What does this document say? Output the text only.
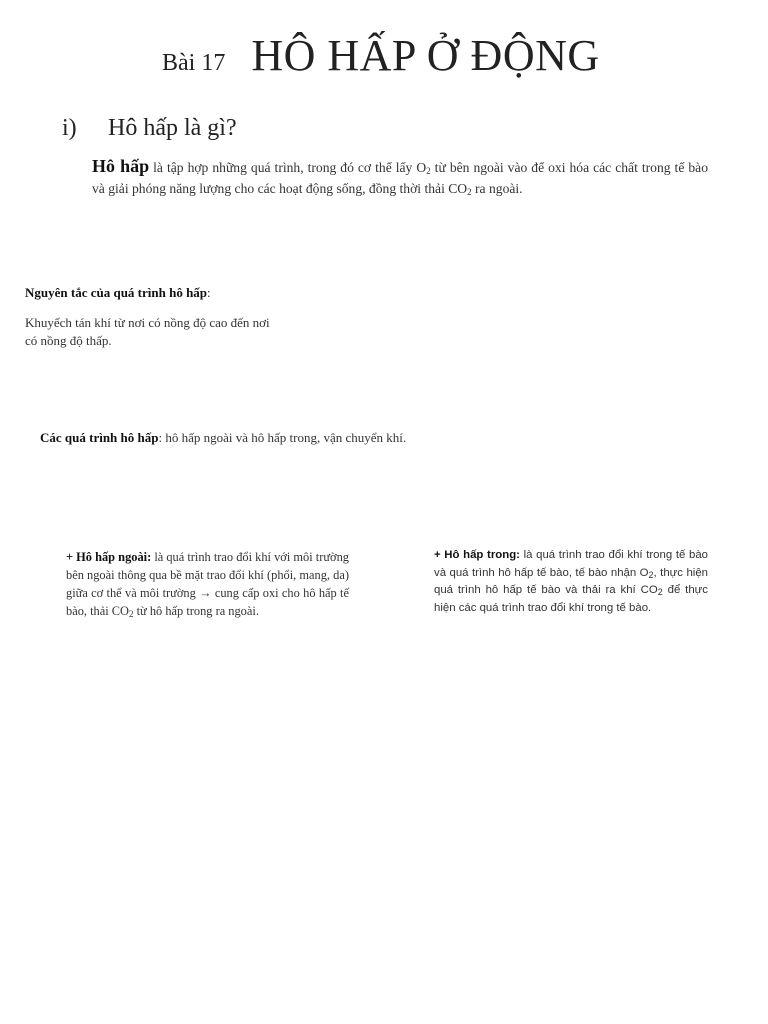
Bài 17 HÔ HẤP Ở ĐỘNG
i) Hô hấp là gì?
Hô hấp là tập hợp những quá trình, trong đó cơ thể lấy $O_2$ từ bên ngoài vào để oxi hóa các chất trong tế bào và giải phóng năng lượng cho các hoạt động sống, đồng thời thải $CO_2$ ra ngoài.
Nguyên tắc của quá trình hô hấp:
Khuyếch tán khí từ nơi có nồng độ cao đến nơi có nồng độ thấp.
Các quá trình hô hấp: hô hấp ngoài và hô hấp trong, vận chuyển khí.
+ Hô hấp ngoài: là quá trình trao đổi khí với môi trường bên ngoài thông qua bề mặt trao đổi khí (phổi, mang, da) giữa cơ thể và môi trường → cung cấp oxi cho hô hấp tế bào, thải $CO_2$ từ hô hấp trong ra ngoài.
+ Hô hấp trong: là quá trình trao đổi khí trong tế bào và quá trình hô hấp tế bào, tế bào nhận $O_2$, thực hiện quá trình hô hấp tế bào và thải ra khí $CO_2$ để thực hiện các quá trình trao đổi khí trong tế bào.
